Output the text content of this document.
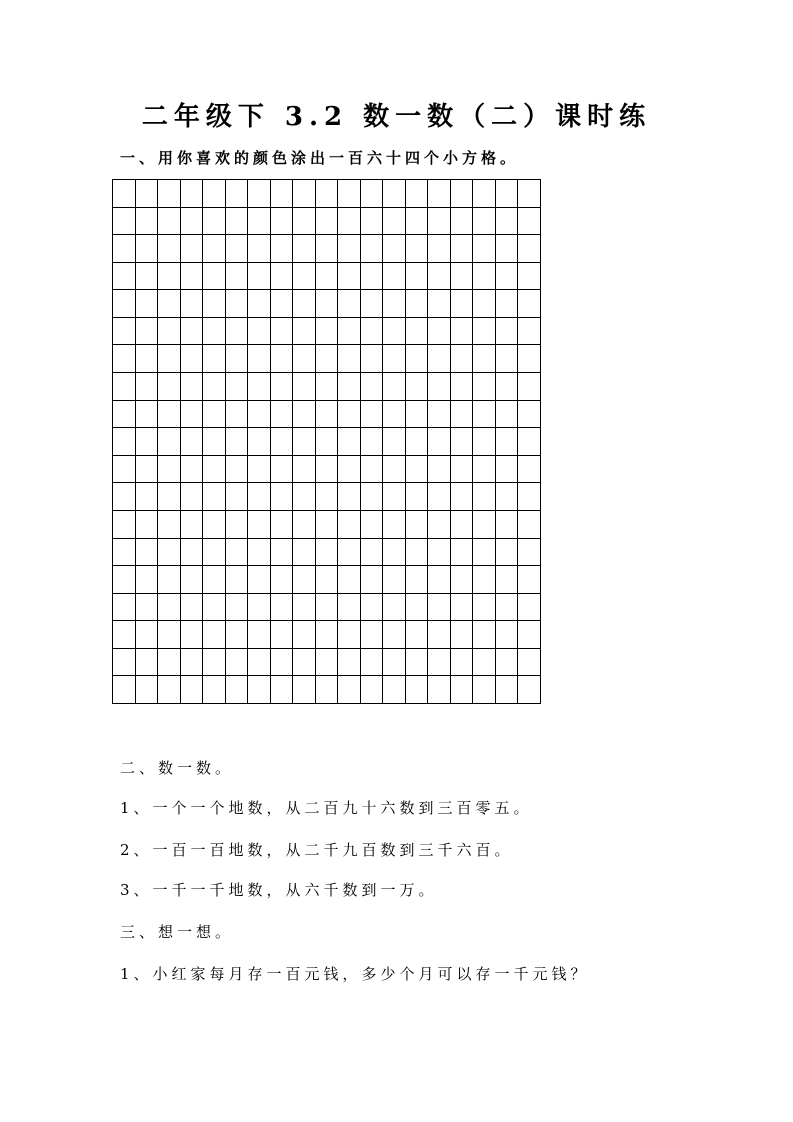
二年级下 3.2 数一数（二）课时练
一、用你喜欢的颜色涂出一百六十四个小方格。

二、数一数。
1、一个一个地数，从二百九十六数到三百零五。
2、一百一百地数，从二千九百数到三千六百。
3、一千一千地数，从六千数到一万。
三、想一想。
1、小红家每月存一百元钱，多少个月可以存一千元钱？
